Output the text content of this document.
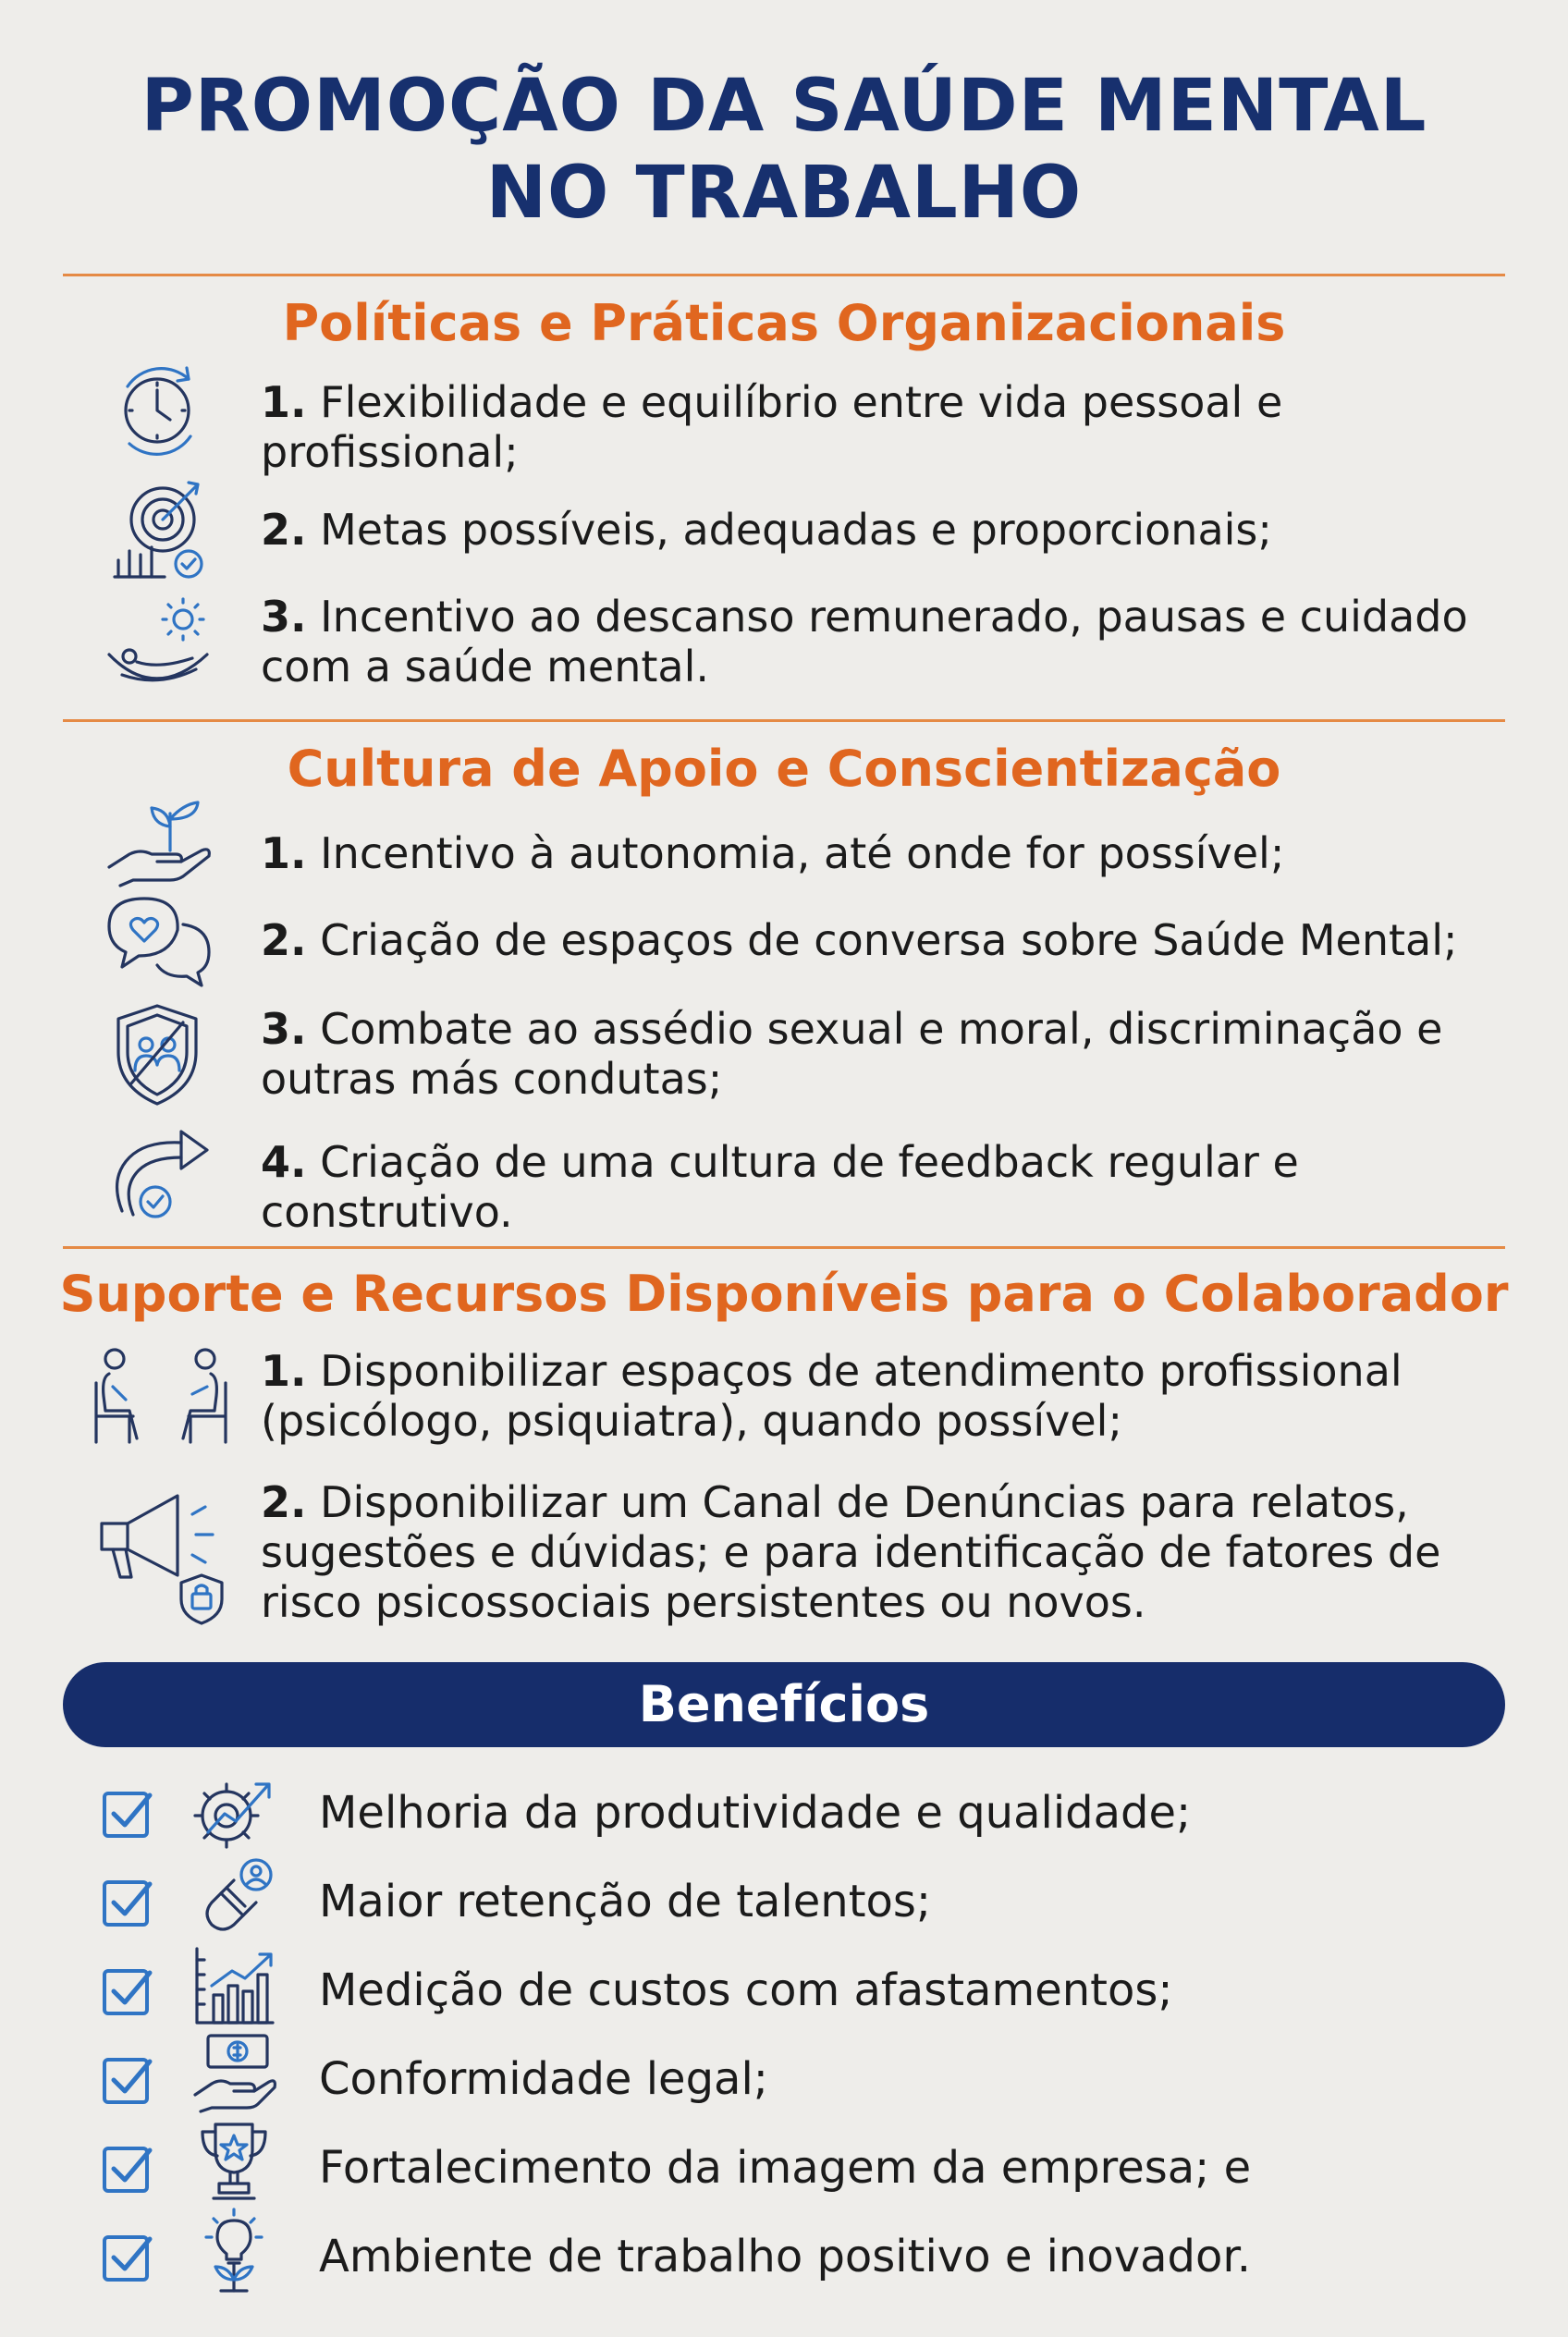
PROMOÇÃO DA SAÚDE MENTAL
NO TRABALHO
Políticas e Práticas Organizacionais
1. Flexibilidade e equilíbrio entre vida pessoal e profissional;
2. Metas possíveis, adequadas e proporcionais;
3. Incentivo ao descanso remunerado, pausas e cuidado com a saúde mental.
Cultura de Apoio e Conscientização
1. Incentivo à autonomia, até onde for possível;
2. Criação de espaços de conversa sobre Saúde Mental;
3. Combate ao assédio sexual e moral, discriminação e outras más condutas;
4. Criação de uma cultura de feedback regular e construtivo.
Suporte e Recursos Disponíveis para o Colaborador
1. Disponibilizar espaços de atendimento profissional (psicólogo, psiquiatra), quando possível;
2. Disponibilizar um Canal de Denúncias para relatos, sugestões e dúvidas; e para identificação de fatores de risco psicossociais persistentes ou novos.
Benefícios
Melhoria da produtividade e qualidade;
Maior retenção de talentos;
Medição de custos com afastamentos;
Conformidade legal;
Fortalecimento da imagem da empresa; e
Ambiente de trabalho positivo e inovador.
